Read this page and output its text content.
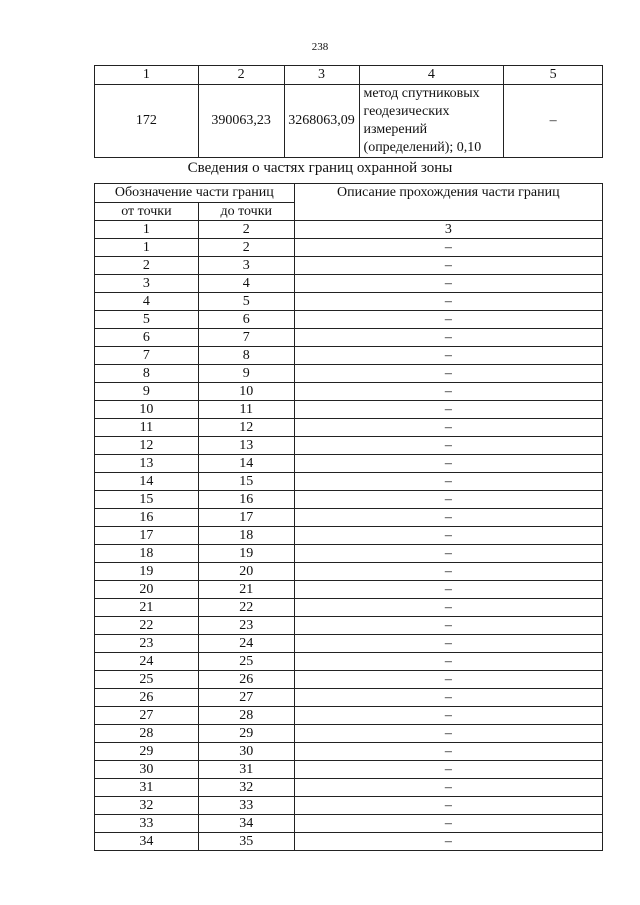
238
1	2	3	4	5
172	390063,23	3268063,09	метод спутниковых
геодезических
измерений
(определений); 0,10	–
Сведения о частях границ охранной зоны
Обозначение части границ		Описание прохождения части границ
от точки	до точки	
1	2	3
1	2	–
2	3	–
3	4	–
4	5	–
5	6	–
6	7	–
7	8	–
8	9	–
9	10	–
10	11	–
11	12	–
12	13	–
13	14	–
14	15	–
15	16	–
16	17	–
17	18	–
18	19	–
19	20	–
20	21	–
21	22	–
22	23	–
23	24	–
24	25	–
25	26	–
26	27	–
27	28	–
28	29	–
29	30	–
30	31	–
31	32	–
32	33	–
33	34	–
34	35	–
